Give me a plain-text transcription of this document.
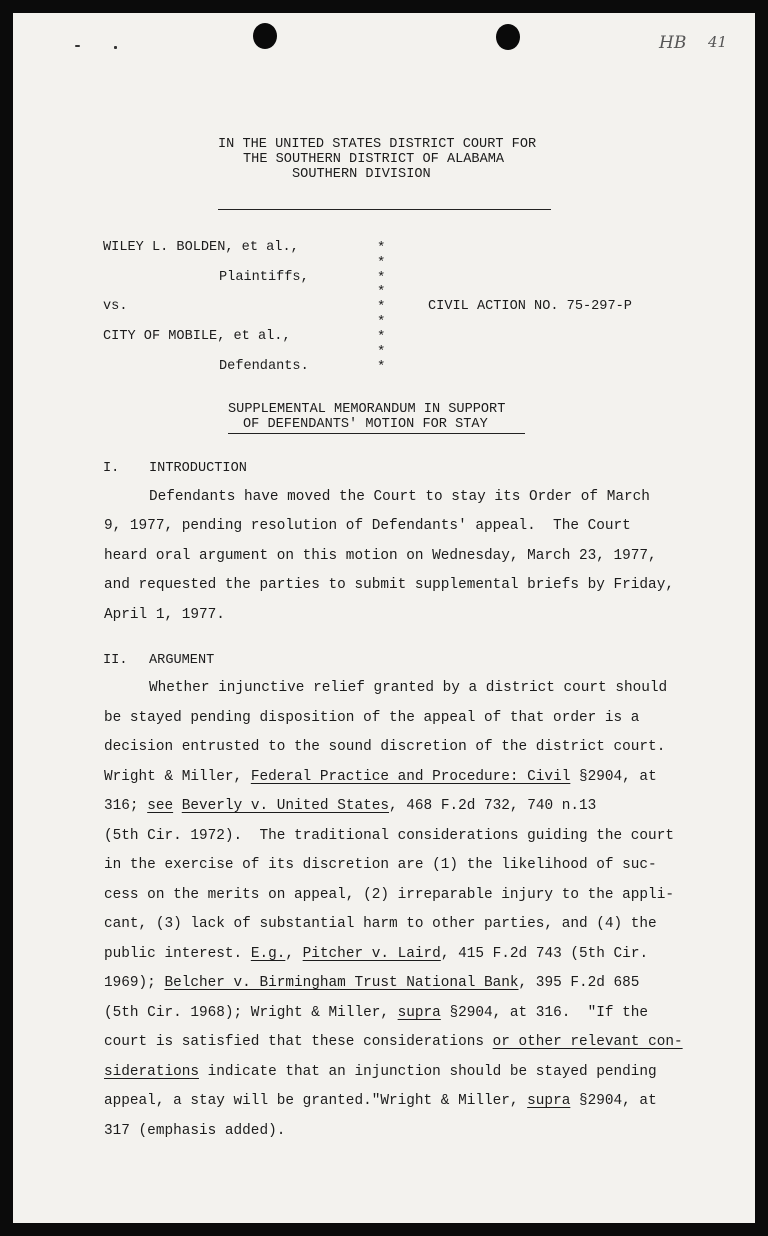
HB 41
IN THE UNITED STATES DISTRICT COURT FOR
THE SOUTHERN DISTRICT OF ALABAMA
SOUTHERN DIVISION
WILEY L. BOLDEN, et al.,
Plaintiffs,
vs.
CITY OF MOBILE, et al.,
Defendants.
CIVIL ACTION NO. 75-297-P
*
*
*
*
*
*
*
*
*
SUPPLEMENTAL MEMORANDUM IN SUPPORT
OF DEFENDANTS' MOTION FOR STAY
I. INTRODUCTION
Defendants have moved the Court to stay its Order of March
9, 1977, pending resolution of Defendants' appeal.  The Court
heard oral argument on this motion on Wednesday, March 23, 1977,
and requested the parties to submit supplemental briefs by Friday,
April 1, 1977.
II. ARGUMENT
Whether injunctive relief granted by a district court should
be stayed pending disposition of the appeal of that order is a
decision entrusted to the sound discretion of the district court.
Wright & Miller, Federal Practice and Procedure: Civil §2904, at
316; see Beverly v. United States, 468 F.2d 732, 740 n.13
(5th Cir. 1972).  The traditional considerations guiding the court
in the exercise of its discretion are (1) the likelihood of suc-
cess on the merits on appeal, (2) irreparable injury to the appli-
cant, (3) lack of substantial harm to other parties, and (4) the
public interest. E.g., Pitcher v. Laird, 415 F.2d 743 (5th Cir.
1969); Belcher v. Birmingham Trust National Bank, 395 F.2d 685
(5th Cir. 1968); Wright & Miller, supra §2904, at 316.  "If the
court is satisfied that these considerations or other relevant con-
siderations indicate that an injunction should be stayed pending
appeal, a stay will be granted."Wright & Miller, supra §2904, at
317 (emphasis added).
